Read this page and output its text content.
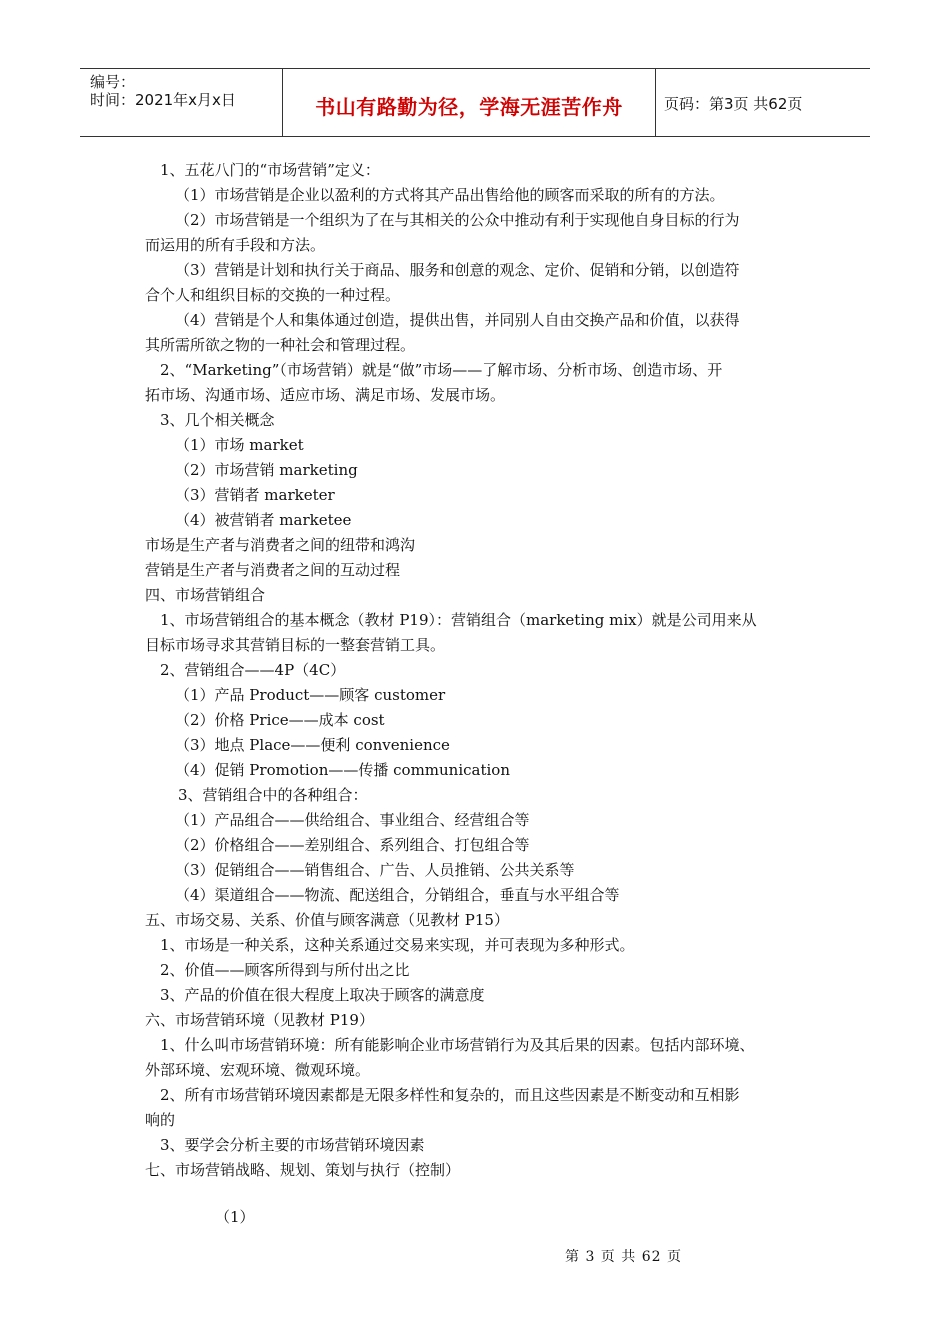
编号：
时间：2021年x月x日	书山有路勤为径，学海无涯苦作舟	页码：第3页 共62页

1、五花八门的“市场营销”定义：

（1）市场营销是企业以盈利的方式将其产品出售给他的顾客而采取的所有的方法。

（2）市场营销是一个组织为了在与其相关的公众中推动有利于实现他自身目标的行为

而运用的所有手段和方法。

（3）营销是计划和执行关于商品、服务和创意的观念、定价、促销和分销，以创造符

合个人和组织目标的交换的一种过程。

（4）营销是个人和集体通过创造，提供出售，并同别人自由交换产品和价值，以获得

其所需所欲之物的一种社会和管理过程。

2、“Marketing”（市场营销）就是“做”市场——了解市场、分析市场、创造市场、开

拓市场、沟通市场、适应市场、满足市场、发展市场。

3、几个相关概念

（1）市场 market

（2）市场营销 marketing

（3）营销者 marketer

（4）被营销者 marketee

市场是生产者与消费者之间的纽带和鸿沟

营销是生产者与消费者之间的互动过程

四、市场营销组合

1、市场营销组合的基本概念（教材 P19）：营销组合（marketing mix）就是公司用来从

目标市场寻求其营销目标的一整套营销工具。

2、营销组合——4P（4C）

（1）产品 Product——顾客 customer

（2）价格 Price——成本 cost

（3）地点 Place——便利 convenience

（4）促销 Promotion——传播 communication

3、营销组合中的各种组合：

（1）产品组合——供给组合、事业组合、经营组合等

（2）价格组合——差别组合、系列组合、打包组合等

（3）促销组合——销售组合、广告、人员推销、公共关系等

（4）渠道组合——物流、配送组合，分销组合，垂直与水平组合等

五、市场交易、关系、价值与顾客满意（见教材 P15）

1、市场是一种关系，这种关系通过交易来实现，并可表现为多种形式。

2、价值——顾客所得到与所付出之比

3、产品的价值在很大程度上取决于顾客的满意度

六、市场营销环境（见教材 P19）

1、什么叫市场营销环境：所有能影响企业市场营销行为及其后果的因素。包括内部环境、

外部环境、宏观环境、微观环境。

2、所有市场营销环境因素都是无限多样性和复杂的，而且这些因素是不断变动和互相影

响的

3、要学会分析主要的市场营销环境因素

七、市场营销战略、规划、策划与执行（控制）

（1）
第 3 页 共 62 页
